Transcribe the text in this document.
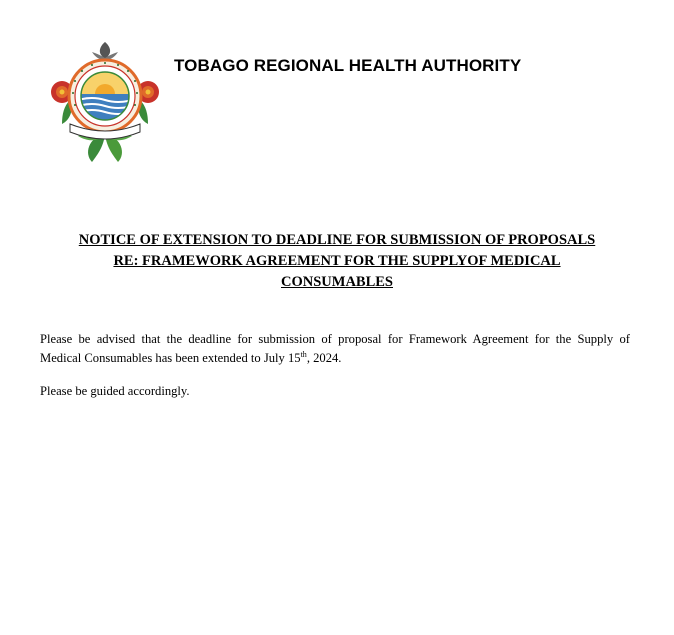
TOBAGO REGIONAL HEALTH AUTHORITY
NOTICE OF EXTENSION TO DEADLINE FOR SUBMISSION OF PROPOSALS
RE: FRAMEWORK AGREEMENT FOR THE SUPPLYOF MEDICAL
CONSUMABLES

Please be advised that the deadline for submission of proposal for Framework Agreement for the Supply of
Medical Consumables has been extended to July 15th, 2024.

Please be guided accordingly.
